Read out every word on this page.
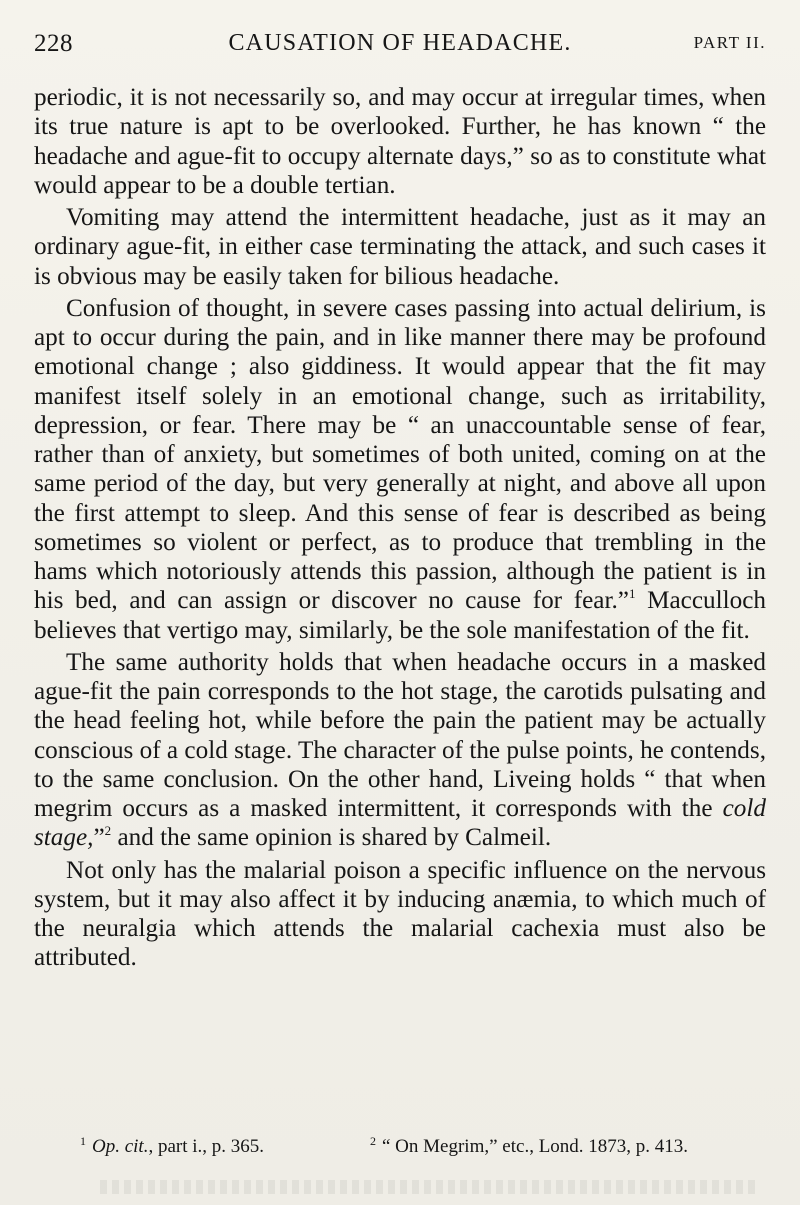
228	CAUSATION OF HEADACHE.	PART II.

periodic, it is not necessarily so, and may occur at irregular times, when its true nature is apt to be overlooked. Further, he has known “ the headache and ague-fit to occupy alternate days,” so as to constitute what would appear to be a double tertian.

Vomiting may attend the intermittent headache, just as it may an ordinary ague-fit, in either case terminating the attack, and such cases it is obvious may be easily taken for bilious headache.

Confusion of thought, in severe cases passing into actual delirium, is apt to occur during the pain, and in like manner there may be profound emotional change ; also giddiness. It would appear that the fit may manifest itself solely in an emotional change, such as irritability, depression, or fear. There may be “ an unaccountable sense of fear, rather than of anxiety, but sometimes of both united, coming on at the same period of the day, but very generally at night, and above all upon the first attempt to sleep. And this sense of fear is described as being sometimes so violent or perfect, as to produce that trembling in the hams which notoriously attends this passion, although the patient is in his bed, and can assign or discover no cause for fear.”$^1$ Macculloch believes that vertigo may, similarly, be the sole manifestation of the fit.

The same authority holds that when headache occurs in a masked ague-fit the pain corresponds to the hot stage, the carotids pulsating and the head feeling hot, while before the pain the patient may be actually conscious of a cold stage. The character of the pulse points, he contends, to the same conclusion. On the other hand, Liveing holds “ that when megrim occurs as a masked intermittent, it corresponds with the cold stage,”$^2$ and the same opinion is shared by Calmeil.

Not only has the malarial poison a specific influence on the nervous system, but it may also affect it by inducing anæmia, to which much of the neuralgia which attends the malarial cachexia must also be attributed.

$^1$ Op. cit., part i., p. 365.	$^2$ “ On Megrim,” etc., Lond. 1873, p. 413.
